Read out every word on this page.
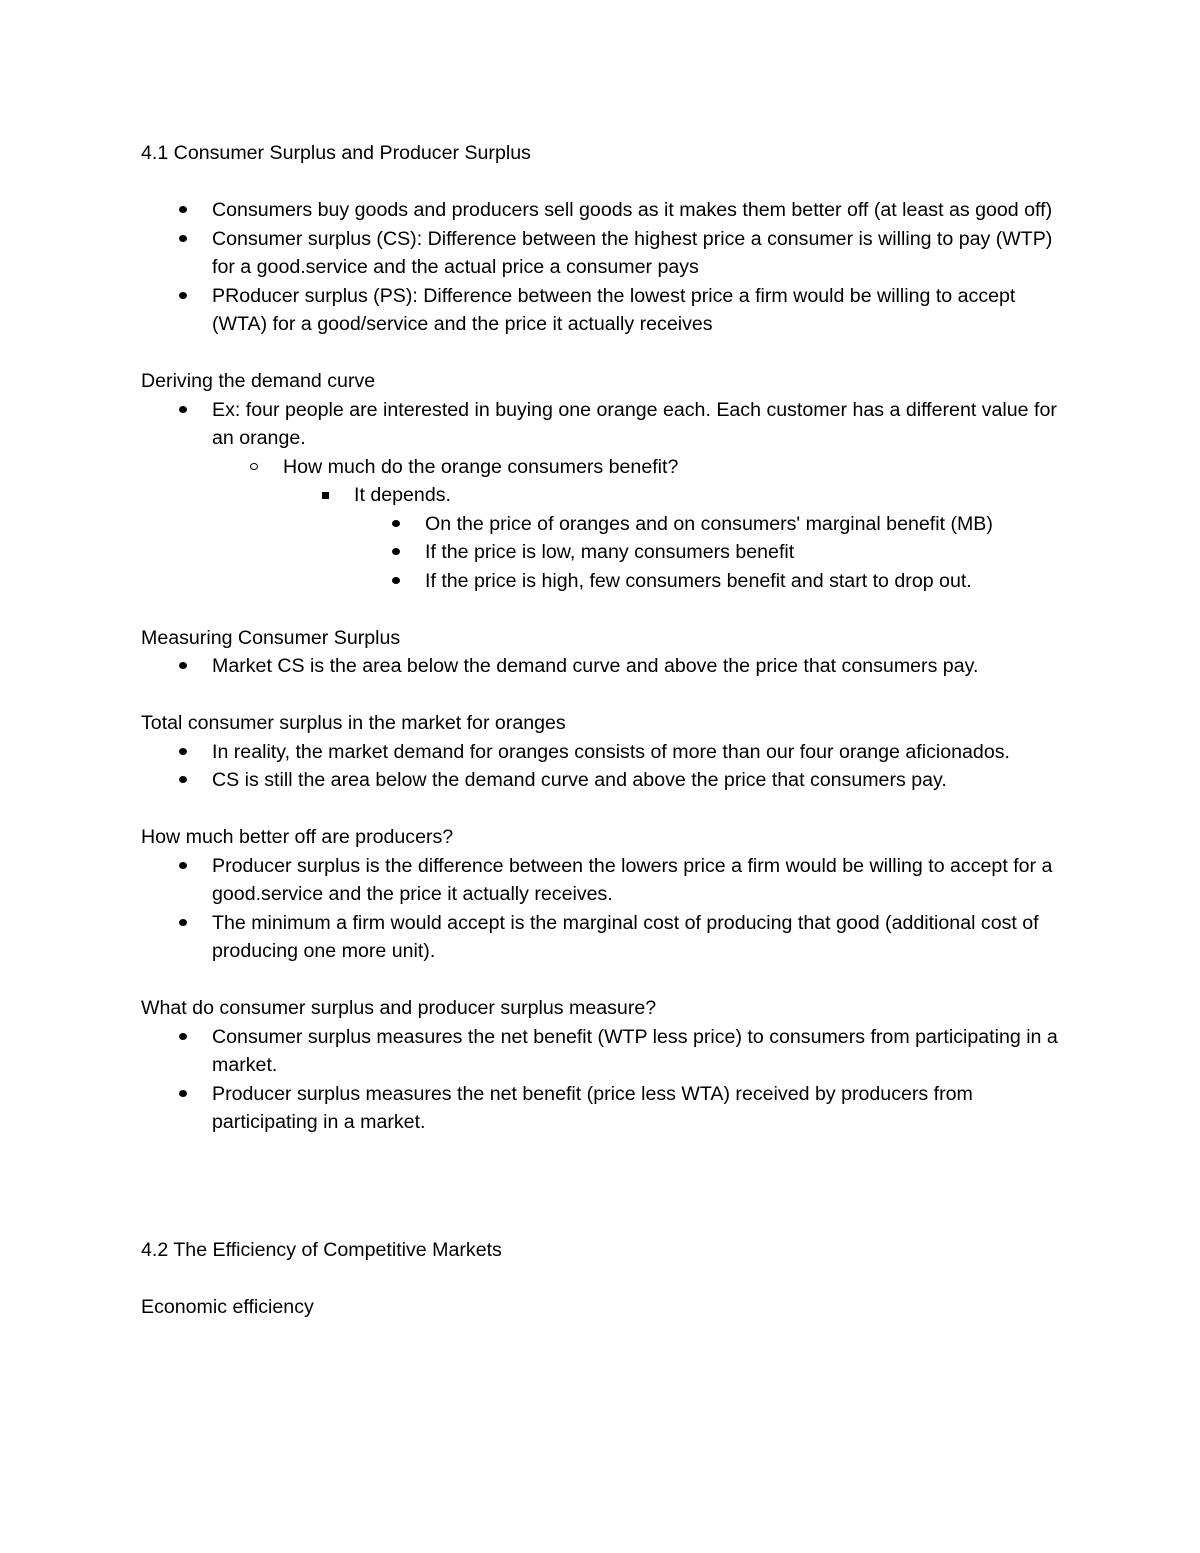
4.1 Consumer Surplus and Producer Surplus

Consumers buy goods and producers sell goods as it makes them better off (at least as good off)
Consumer surplus (CS): Difference between the highest price a consumer is willing to pay (WTP) for a good.service and the actual price a consumer pays
PRoducer surplus (PS): Difference between the lowest price a firm would be willing to accept (WTA) for a good/service and the price it actually receives

Deriving the demand curve

Ex: four people are interested in buying one orange each. Each customer has a different value for an orange.
How much do the orange consumers benefit?
It depends.
On the price of oranges and on consumers' marginal benefit (MB)
If the price is low, many consumers benefit
If the price is high, few consumers benefit and start to drop out.

Measuring Consumer Surplus

Market CS is the area below the demand curve and above the price that consumers pay.

Total consumer surplus in the market for oranges

In reality, the market demand for oranges consists of more than our four orange aficionados.
CS is still the area below the demand curve and above the price that consumers pay.

How much better off are producers?

Producer surplus is the difference between the lowers price a firm would be willing to accept for a good.service and the price it actually receives.
The minimum a firm would accept is the marginal cost of producing that good (additional cost of producing one more unit).

What do consumer surplus and producer surplus measure?

Consumer surplus measures the net benefit (WTP less price) to consumers from participating in a market.
Producer surplus measures the net benefit (price less WTA) received by producers from participating in a market.

4.2 The Efficiency of Competitive Markets

Economic efficiency
